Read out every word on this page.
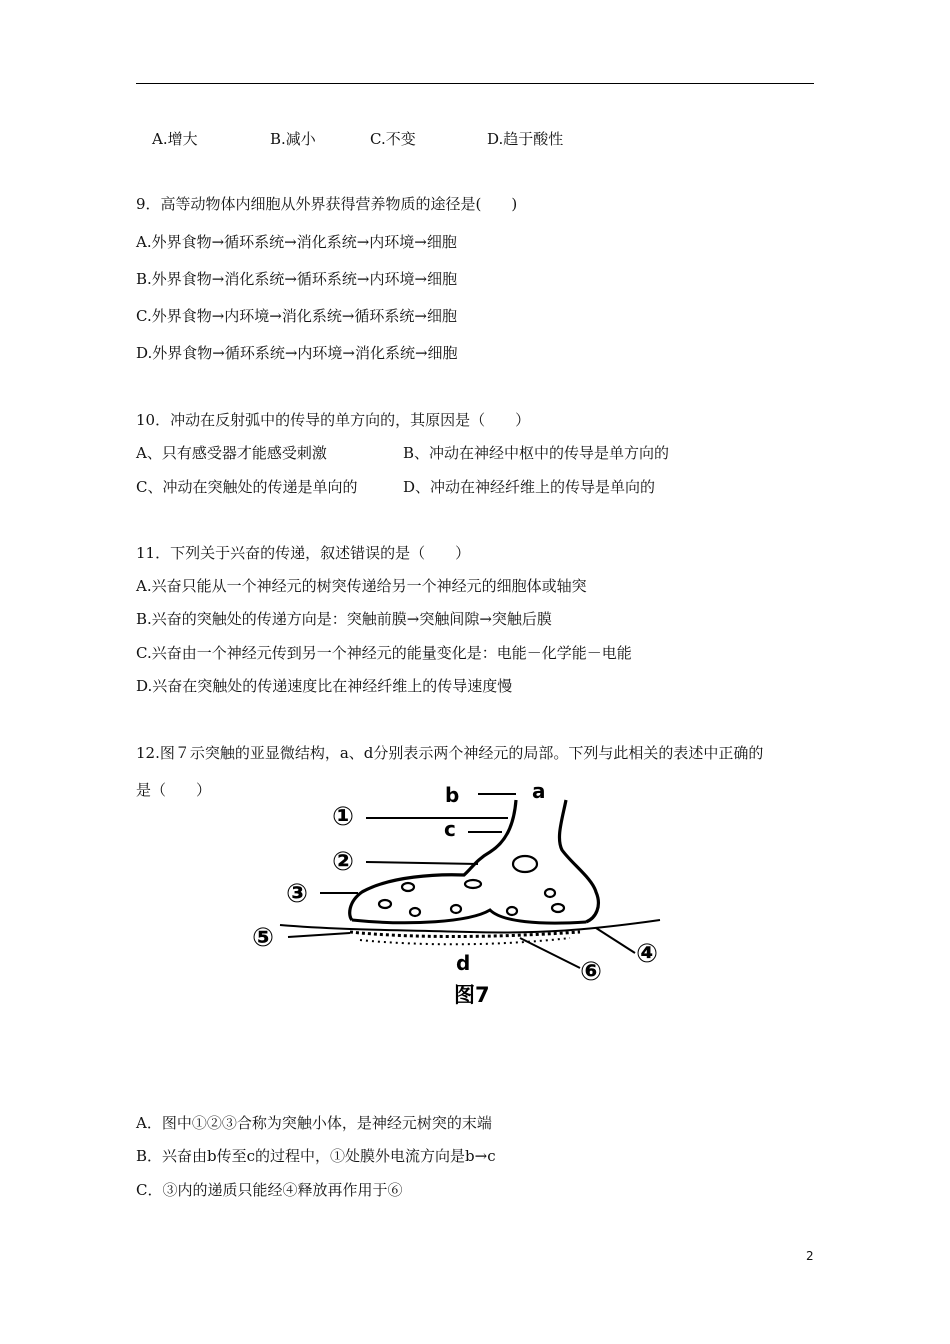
A.增大	B.减小	C.不变	D.趋于酸性
9．高等动物体内细胞从外界获得营养物质的途径是(　　)
A.外界食物→循环系统→消化系统→内环境→细胞
B.外界食物→消化系统→循环系统→内环境→细胞
C.外界食物→内环境→消化系统→循环系统→细胞
D.外界食物→循环系统→内环境→消化系统→细胞
10．冲动在反射弧中的传导的单方向的，其原因是（　　）
A、只有感受器才能感受刺激	B、冲动在神经中枢中的传导是单方向的
C、冲动在突触处的传递是单向的	D、冲动在神经纤维上的传导是单向的
11．下列关于兴奋的传递，叙述错误的是（　　）
A.兴奋只能从一个神经元的树突传递给另一个神经元的细胞体或轴突
B.兴奋的突触处的传递方向是：突触前膜→突触间隙→突触后膜
C.兴奋由一个神经元传到另一个神经元的能量变化是：电能－化学能－电能
D.兴奋在突触处的传递速度比在神经纤维上的传导速度慢
12.图７示突触的亚显微结构，a、d分别表示两个神经元的局部。下列与此相关的表述中正确的
是（　　）	b	a
c
d
①
②
③
⑤
④
⑥
图7
A．图中①②③合称为突触小体，是神经元树突的末端
B．兴奋由b传至c的过程中，①处膜外电流方向是b→c
C．③内的递质只能经④释放再作用于⑥
2
